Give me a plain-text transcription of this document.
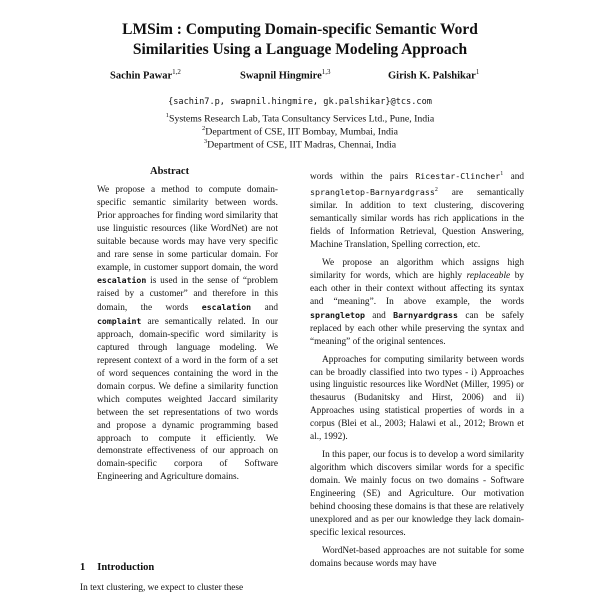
LMSim : Computing Domain-specific Semantic Word
Similarities Using a Language Modeling Approach
Sachin Pawar$^{1,2}$	Swapnil Hingmire$^{1,3}$	Girish K. Palshikar$^1$
{sachin7.p, swapnil.hingmire, gk.palshikar}@tcs.com
$^1$Systems Research Lab, Tata Consultancy Services Ltd., Pune, India
$^2$Department of CSE, IIT Bombay, Mumbai, India
$^3$Department of CSE, IIT Madras, Chennai, India
Abstract
We propose a method to compute domain-specific semantic similarity between words. Prior approaches for finding word similarity that use linguistic resources (like WordNet) are not suitable because words may have very specific and rare sense in some particular domain. For example, in customer support domain, the word escalation is used in the sense of “problem raised by a customer” and therefore in this domain, the words escalation and complaint are semantically related. In our approach, domain-specific word similarity is captured through language modeling. We represent context of a word in the form of a set of word sequences containing the word in the domain corpus. We define a similarity function which computes weighted Jaccard similarity between the set representations of two words and propose a dynamic programming based approach to compute it efficiently. We demonstrate effectiveness of our approach on domain-specific corpora of Software Engineering and Agriculture domains.
1 Introduction
In text clustering, we expect to cluster these

words within the pairs Ricestar-Clincher$^1$ and sprangletop-Barnyardgrass$^2$ are semantically similar. In addition to text clustering, discovering semantically similar words has rich applications in the fields of Information Retrieval, Question Answering, Machine Translation, Spelling correction, etc.

We propose an algorithm which assigns high similarity for words, which are highly replaceable by each other in their context without affecting its syntax and “meaning”. In above example, the words sprangletop and Barnyardgrass can be safely replaced by each other while preserving the syntax and “meaning” of the original sentences.

Approaches for computing similarity between words can be broadly classified into two types - i) Approaches using linguistic resources like WordNet (Miller, 1995) or thesaurus (Budanitsky and Hirst, 2006) and ii) Approaches using statistical properties of words in a corpus (Blei et al., 2003; Halawi et al., 2012; Brown et al., 1992).

In this paper, our focus is to develop a word similarity algorithm which discovers similar words for a specific domain. We mainly focus on two domains - Software Engineering (SE) and Agriculture. Our motivation behind choosing these domains is that these are relatively unexplored and as per our knowledge they lack domain-specific lexical resources.

WordNet-based approaches are not suitable for some domains because words may have
